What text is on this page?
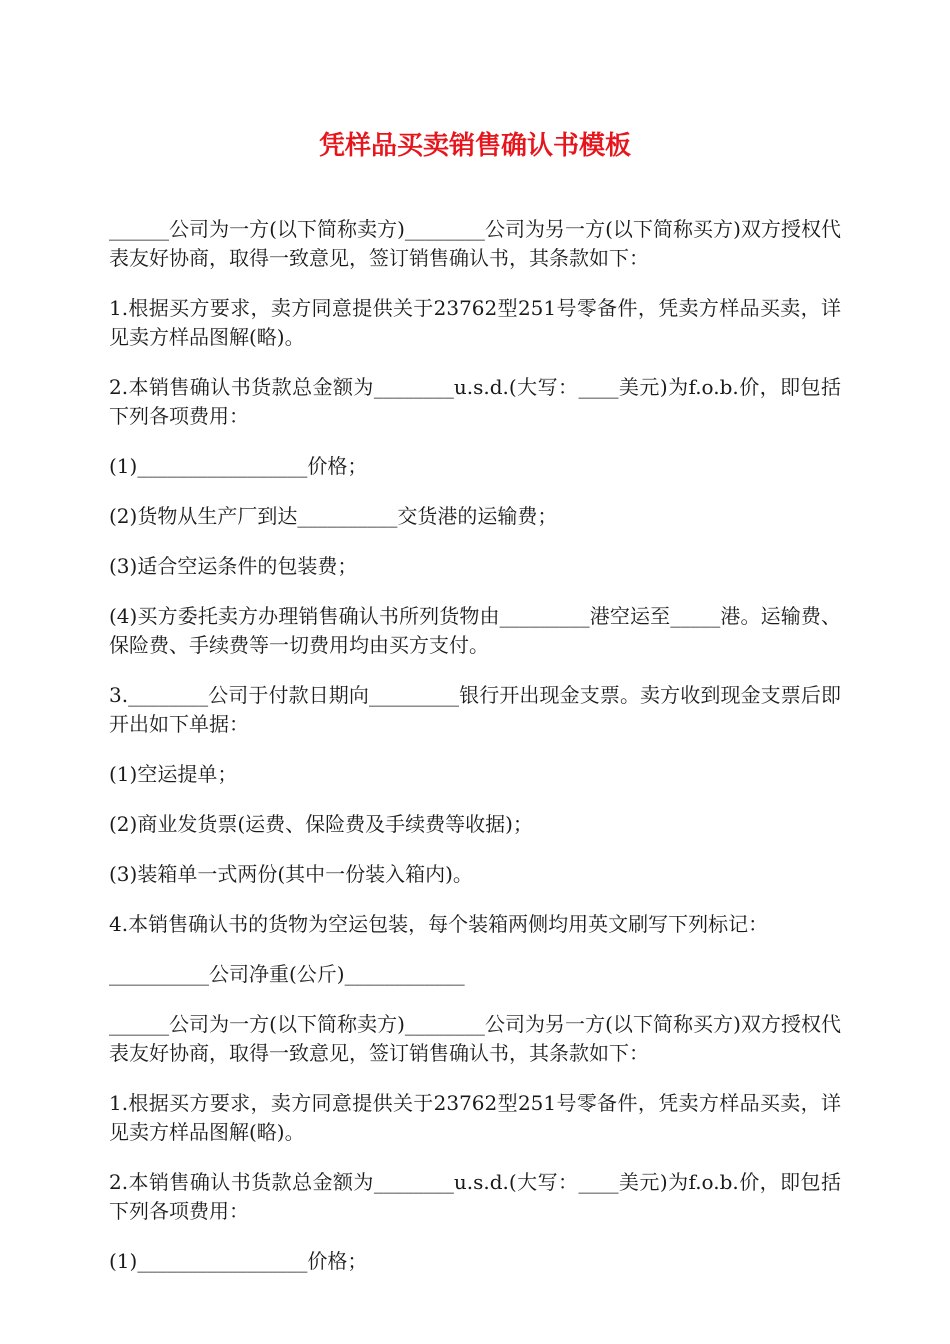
凭样品买卖销售确认书模板

______公司为一方(以下简称卖方)________公司为另一方(以下简称买方)双方授权代表友好协商，取得一致意见，签订销售确认书，其条款如下：

1.根据买方要求，卖方同意提供关于23762型251号零备件，凭卖方样品买卖，详见卖方样品图解(略)。

2.本销售确认书货款总金额为________u.s.d.(大写：____美元)为f.o.b.价，即包括下列各项费用：

(1)_________________价格；

(2)货物从生产厂到达__________交货港的运输费；

(3)适合空运条件的包装费；

(4)买方委托卖方办理销售确认书所列货物由_________港空运至_____港。运输费、保险费、手续费等一切费用均由买方支付。

3.________公司于付款日期向_________银行开出现金支票。卖方收到现金支票后即开出如下单据：

(1)空运提单；

(2)商业发货票(运费、保险费及手续费等收据)；

(3)装箱单一式两份(其中一份装入箱内)。

4.本销售确认书的货物为空运包装，每个装箱两侧均用英文刷写下列标记：

__________公司净重(公斤)____________

______公司为一方(以下简称卖方)________公司为另一方(以下简称买方)双方授权代表友好协商，取得一致意见，签订销售确认书，其条款如下：

1.根据买方要求，卖方同意提供关于23762型251号零备件，凭卖方样品买卖，详见卖方样品图解(略)。

2.本销售确认书货款总金额为________u.s.d.(大写：____美元)为f.o.b.价，即包括下列各项费用：

(1)_________________价格；
